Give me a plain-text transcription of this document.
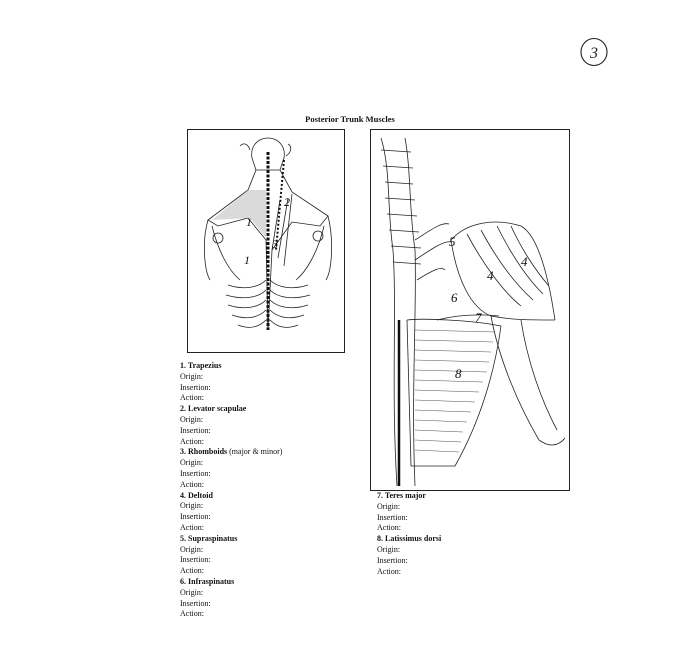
3
Posterior Trunk Muscles
1
1
2
3	5
4
4
6
7
8
1. Trapezius
Origin:
Insertion:
Action:
2. Levator scapulae
Origin:
Insertion:
Action:
3. Rhomboids (major & minor)
Origin:
Insertion:
Action:
4. Deltoid
Origin:
Insertion:
Action:
5. Supraspinatus
Origin:
Insertion:
Action:
6. Infraspinatus
Origin:
Insertion:
Action:
7. Teres major
Origin:
Insertion:
Action:
8. Latissimus dorsi
Origin:
Insertion:
Action:
